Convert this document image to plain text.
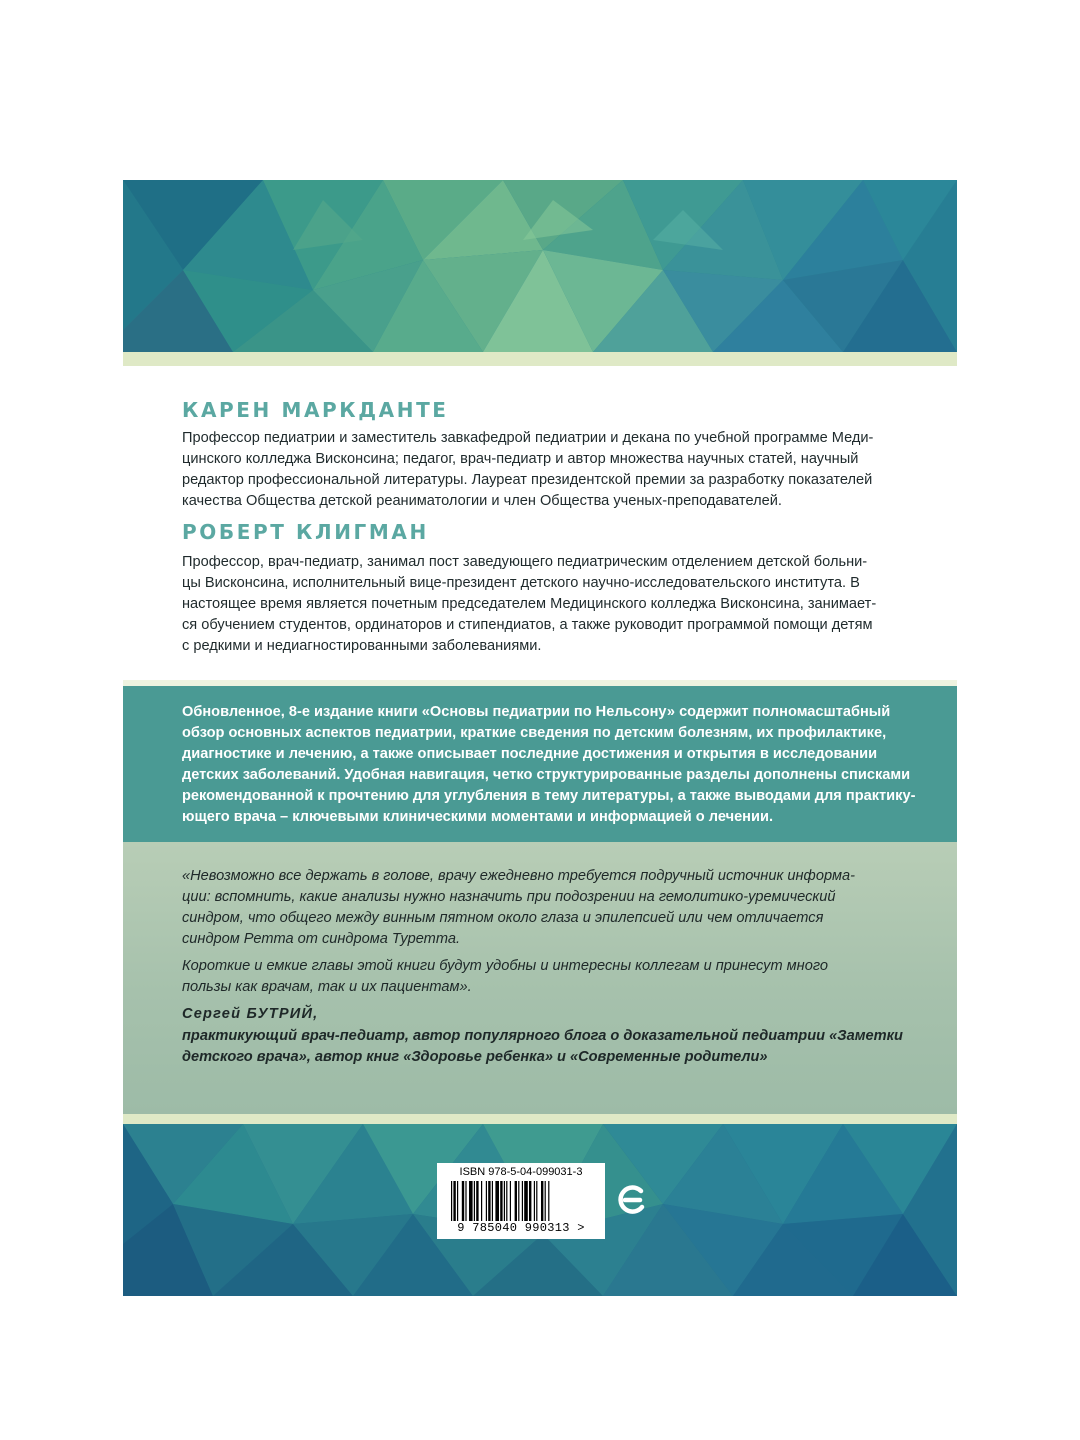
КАРЕН МАРКДАНТЕ

Профессор педиатрии и заместитель завкафедрой педиатрии и декана по учебной программе Меди-
цинского колледжа Висконсина; педагог, врач-педиатр и автор множества научных статей, научный
редактор профессиональной литературы. Лауреат президентской премии за разработку показателей
качества Общества детской реаниматологии и член Общества ученых-преподавателей.

РОБЕРТ КЛИГМАН

Профессор, врач-педиатр, занимал пост заведующего педиатрическим отделением детской больни-
цы Висконсина, исполнительный вице-президент детского научно-исследовательского института. В
настоящее время является почетным председателем Медицинского колледжа Висконсина, занимает-
ся обучением студентов, ординаторов и стипендиатов, а также руководит программой помощи детям
с редкими и недиагностированными заболеваниями.

Обновленное, 8-е издание книги «Основы педиатрии по Нельсону» содержит полномасштабный
обзор основных аспектов педиатрии, краткие сведения по детским болезням, их профилактике,
диагностике и лечению, а также описывает последние достижения и открытия в исследовании
детских заболеваний. Удобная навигация, четко структурированные разделы дополнены списками
рекомендованной к прочтению для углубления в тему литературы, а также выводами для практику-
ющего врача – ключевыми клиническими моментами и информацией о лечении.

«Невозможно все держать в голове, врачу ежедневно требуется подручный источник информа-
ции: вспомнить, какие анализы нужно назначить при подозрении на гемолитико-уремический
синдром, что общего между винным пятном около глаза и эпилепсией или чем отличается
синдром Ретта от синдрома Туретта.

Короткие и емкие главы этой книги будут удобны и интересны коллегам и принесут много
пользы как врачам, так и их пациентам».

Сергей БУТРИЙ,

практикующий врач-педиатр, автор популярного блога о доказательной педиатрии «Заметки
детского врача», автор книг «Здоровье ребенка» и «Современные родители»

ISBN 978-5-04-099031-3
9 785040 990313 >
